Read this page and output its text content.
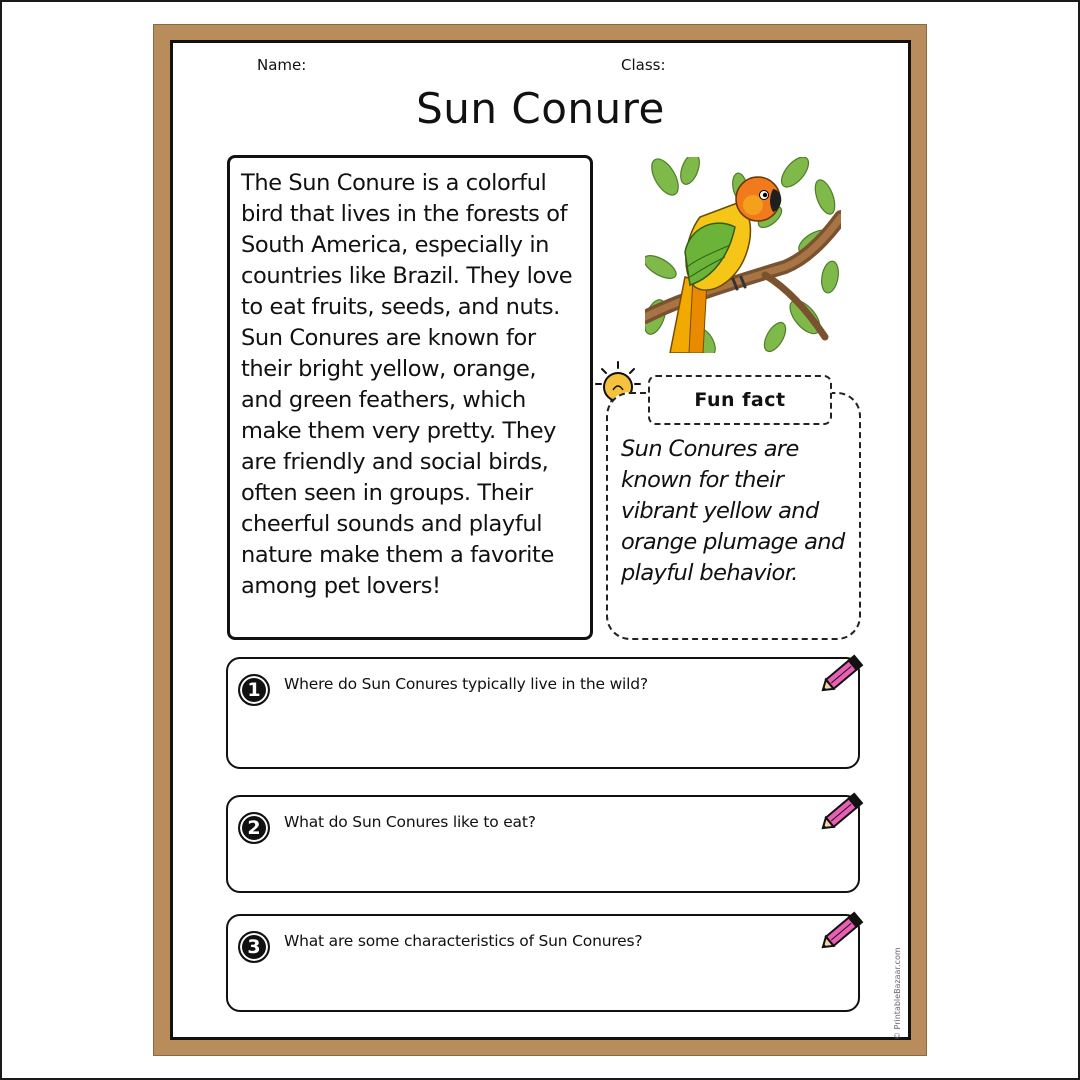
Name:	Class:
Sun Conure

The Sun Conure is a colorful bird that lives in the forests of South America, especially in countries like Brazil. They love to eat fruits, seeds, and nuts. Sun Conures are known for their bright yellow, orange, and green feathers, which make them very pretty. They are friendly and social birds, often seen in groups. Their cheerful sounds and playful nature make them a favorite among pet lovers!

Fun fact

Sun Conures are known for their vibrant yellow and orange plumage and playful behavior.

1	Where do Sun Conures typically live in the wild?
2	What do Sun Conures like to eat?
3	What are some characteristics of Sun Conures?
© PrintableBazaar.com
